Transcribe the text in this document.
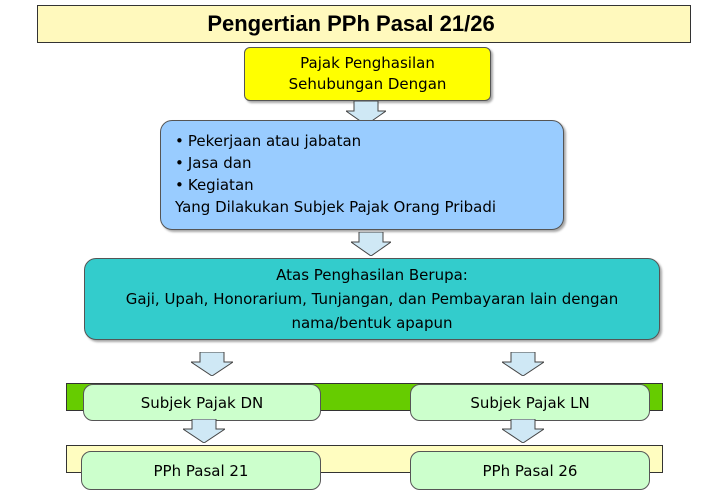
Pengertian PPh Pasal 21/26
Pajak Penghasilan
Sehubungan Dengan
• Pekerjaan atau jabatan
• Jasa dan
• Kegiatan
Yang Dilakukan Subjek Pajak Orang Pribadi
Atas Penghasilan Berupa:
Gaji, Upah, Honorarium, Tunjangan, dan Pembayaran lain dengan
nama/bentuk apapun
Subjek Pajak DN	Subjek Pajak LN
PPh Pasal 21	PPh Pasal 26
